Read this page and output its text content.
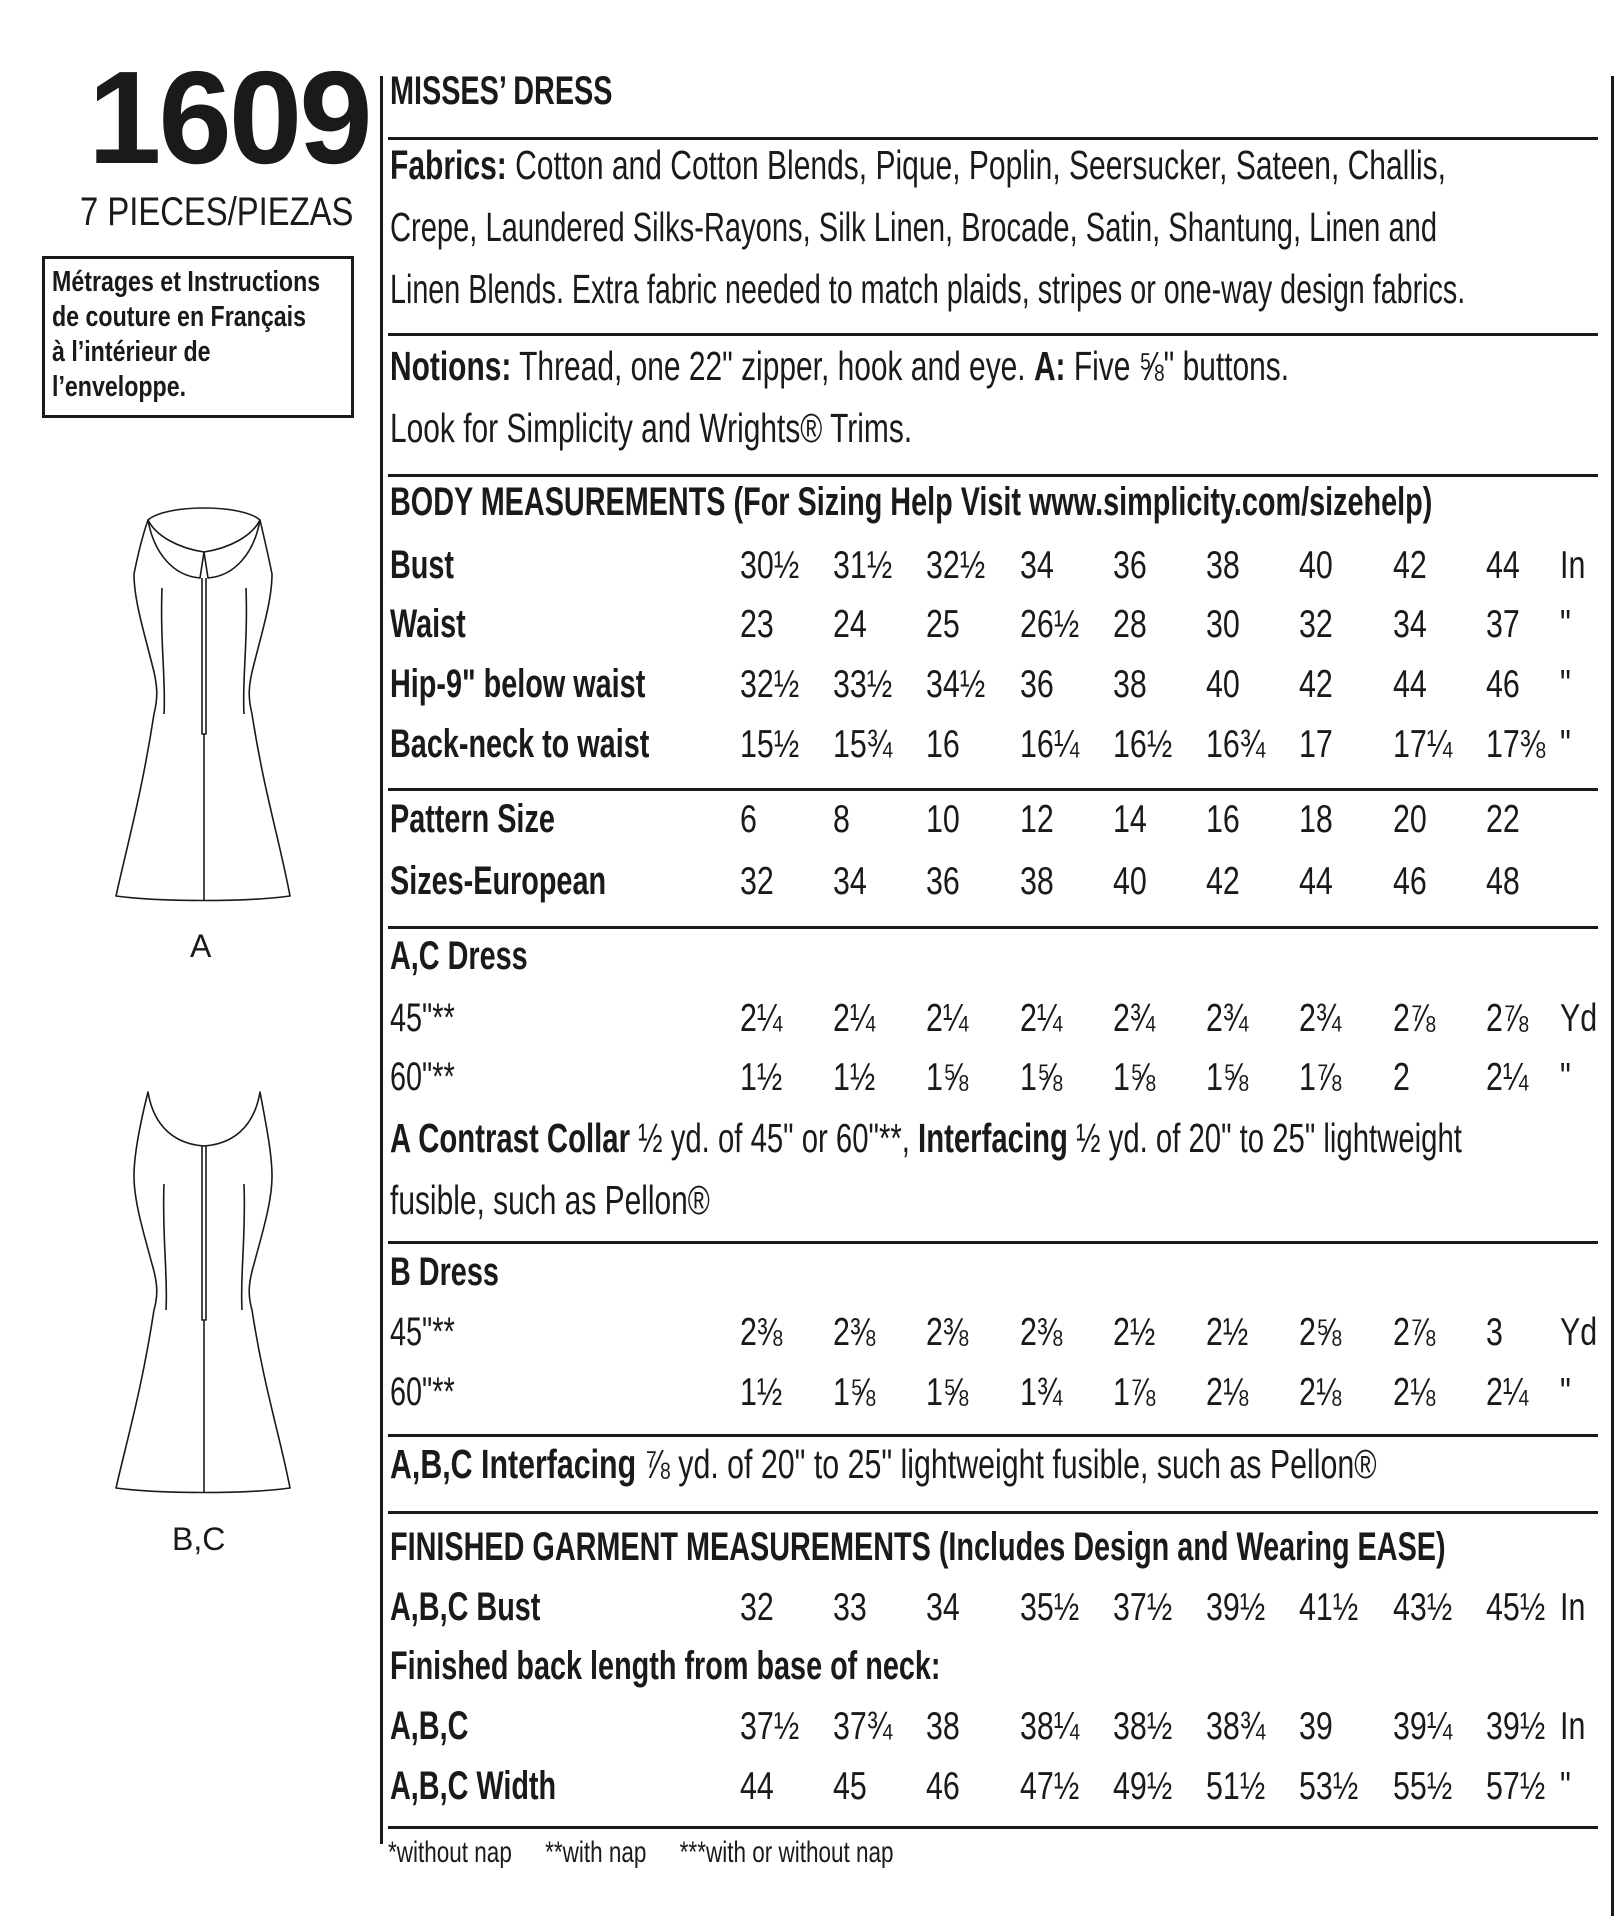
1609
7 PIECES/PIEZAS
Métrages et Instructions
de couture en Français
à l’intérieur de
l’enveloppe.
A
B,C
MISSES’ DRESS
Fabrics: Cotton and Cotton Blends, Pique, Poplin, Seersucker, Sateen, Challis,
Crepe, Laundered Silks-Rayons, Silk Linen, Brocade, Satin, Shantung, Linen and
Linen Blends. Extra fabric needed to match plaids, stripes or one-way design fabrics.
Notions: Thread, one 22" zipper, hook and eye. A: Five ⅝" buttons.
Look for Simplicity and Wrights® Trims.
BODY MEASUREMENTS (For Sizing Help Visit www.simplicity.com/sizehelp)
Bust	30½ 31½ 32½ 34 36 38 40 42 44 In
Waist	23 24 25 26½ 28 30 32 34 37 "
Hip-9" below waist	32½ 33½ 34½ 36 38 40 42 44 46 "
Back-neck to waist	15½ 15¾ 16 16¼ 16½ 16¾ 17 17¼ 17⅜ "
Pattern Size	6 8 10 12 14 16 18 20 22
Sizes-European	32 34 36 38 40 42 44 46 48
A,C Dress
45"**	2¼ 2¼ 2¼ 2¼ 2¾ 2¾ 2¾ 2⅞ 2⅞ Yd
60"**	1½ 1½ 1⅝ 1⅝ 1⅝ 1⅝ 1⅞ 2 2¼ "
A Contrast Collar ½ yd. of 45" or 60"**, Interfacing ½ yd. of 20" to 25" lightweight
fusible, such as Pellon®
B Dress
45"**	2⅜ 2⅜ 2⅜ 2⅜ 2½ 2½ 2⅝ 2⅞ 3 Yd
60"**	1½ 1⅝ 1⅝ 1¾ 1⅞ 2⅛ 2⅛ 2⅛ 2¼ "
A,B,C Interfacing ⅞ yd. of 20" to 25" lightweight fusible, such as Pellon®
FINISHED GARMENT MEASUREMENTS (Includes Design and Wearing EASE)
A,B,C Bust	32 33 34 35½ 37½ 39½ 41½ 43½ 45½ In
Finished back length from base of neck:
A,B,C	37½ 37¾ 38 38¼ 38½ 38¾ 39 39¼ 39½ In
A,B,C Width	44 45 46 47½ 49½ 51½ 53½ 55½ 57½ "
*without nap **with nap ***with or without nap
